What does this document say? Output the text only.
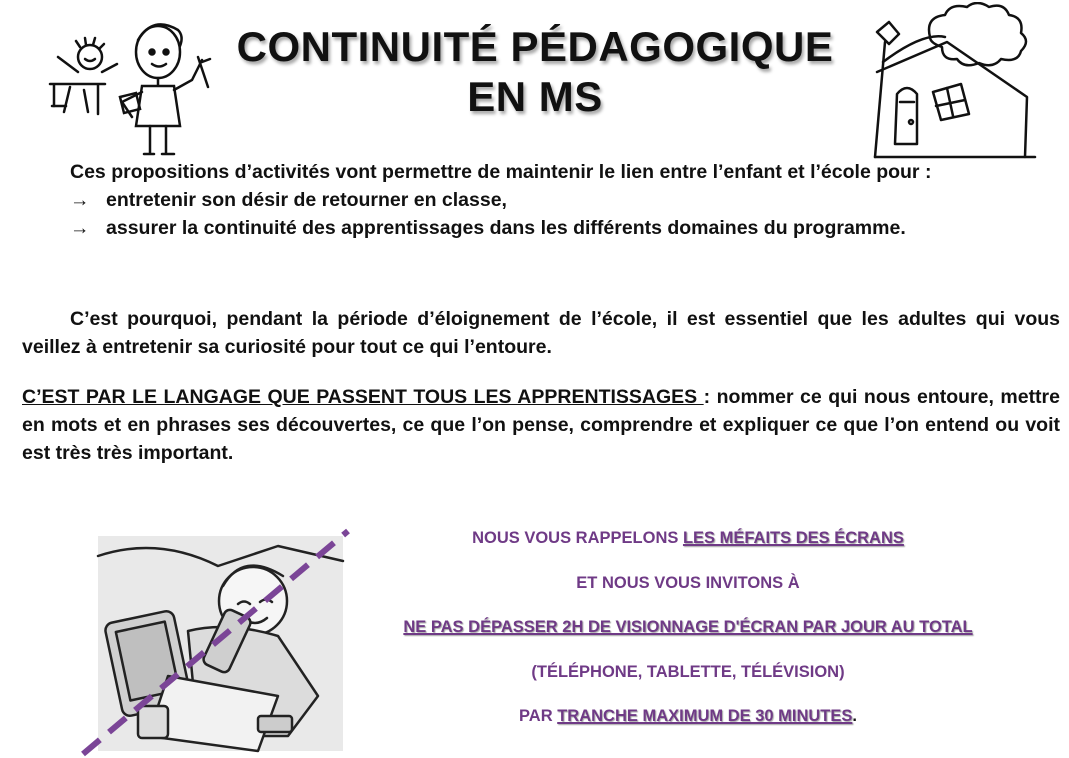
CONTINUITÉ PÉDAGOGIQUE
EN MS
Ces propositions d’activités vont permettre de maintenir le lien entre l’enfant et l’école pour :
→ entretenir son désir de retourner en classe,
→ assurer la continuité des apprentissages dans les différents domaines du programme.
C’est pourquoi, pendant la période d’éloignement de l’école, il est essentiel que les adultes qui vous veillez à entretenir sa curiosité pour tout ce qui l’entoure.
C’EST PAR LE LANGAGE QUE PASSENT TOUS LES APPRENTISSAGES : nommer ce qui nous entoure, mettre en mots et en phrases ses découvertes, ce que l’on pense, comprendre et expliquer ce que l’on entend ou voit est très très important.
NOUS VOUS RAPPELONS LES MÉFAITS DES ÉCRANS
ET NOUS VOUS INVITONS À
NE PAS DÉPASSER 2H DE VISIONNAGE D'ÉCRAN PAR JOUR AU TOTAL
(TÉLÉPHONE, TABLETTE, TÉLÉVISION)
PAR TRANCHE MAXIMUM DE 30 MINUTES.
